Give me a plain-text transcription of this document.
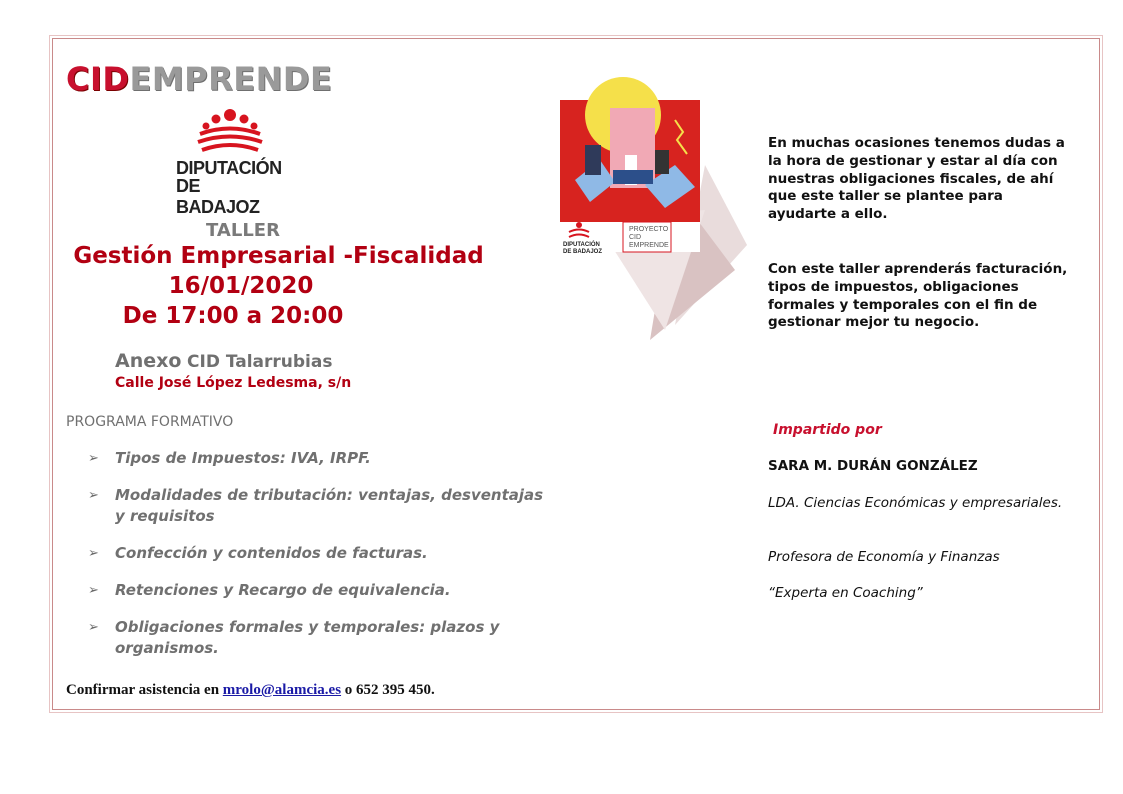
CIDEMPRENDE
DIPUTACIÓN
DE BADAJOZ
TALLER
Gestión Empresarial -Fiscalidad
16/01/2020
De 17:00 a 20:00
Anexo CID Talarrubias
Calle José López Ledesma, s/n
PROGRAMA FORMATIVO
➢ Tipos de Impuestos: IVA, IRPF.
➢ Modalidades de tributación: ventajas, desventajas y requisitos
➢ Confección y contenidos de facturas.
➢ Retenciones y Recargo de equivalencia.
➢ Obligaciones formales y temporales: plazos y organismos.
Confirmar asistencia en mrolo@alamcia.es o 652 395 450.
DIPUTACIÓN
DE BADAJOZ
PROYECTO
CID
EMPRENDE

En muchas ocasiones tenemos dudas a la hora de gestionar y estar al día con nuestras obligaciones fiscales, de ahí que este taller se plantee para ayudarte a ello.

Con este taller aprenderás facturación, tipos de impuestos, obligaciones formales y temporales con el fin de gestionar mejor tu negocio.

Impartido por
SARA M. DURÁN GONZÁLEZ

LDA. Ciencias Económicas y empresariales.

Profesora de Economía y Finanzas

“Experta en Coaching”
